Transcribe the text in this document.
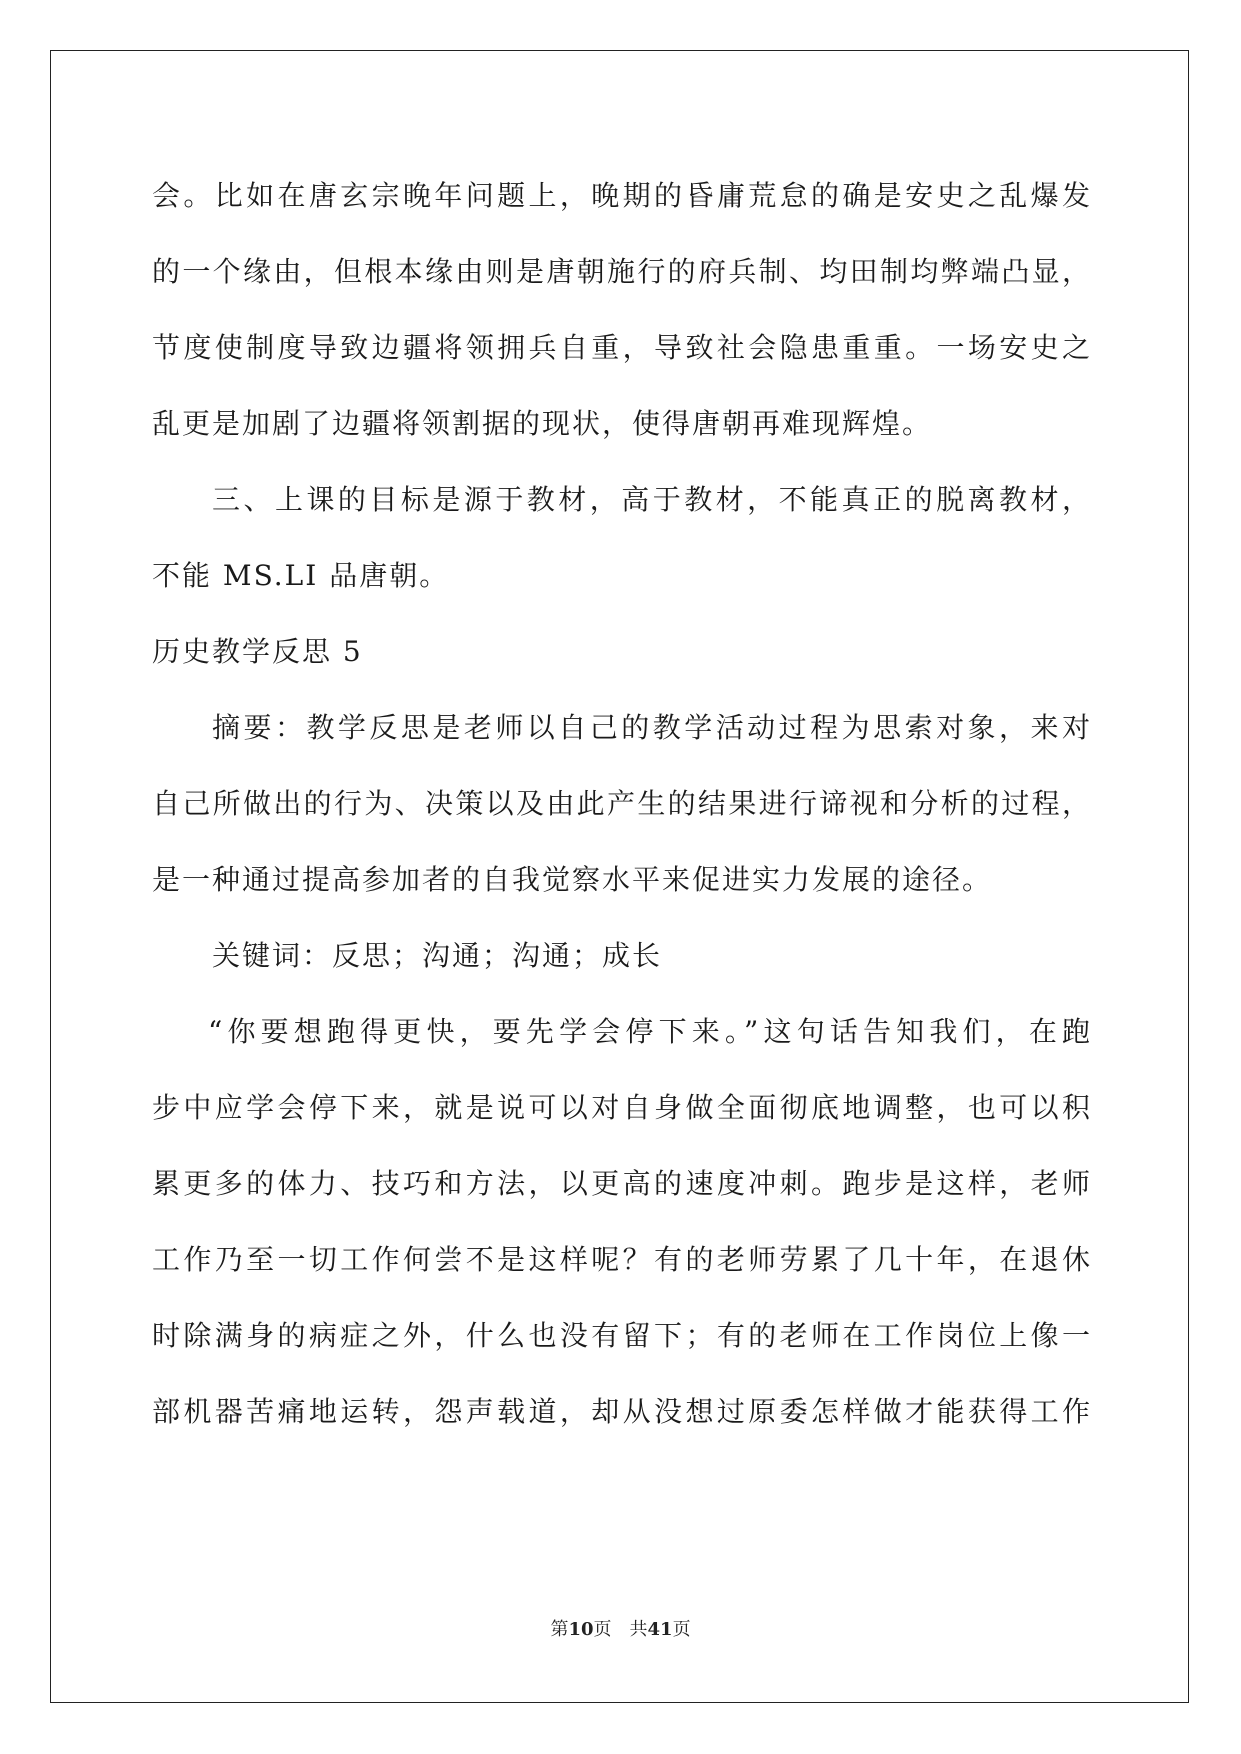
会。比如在唐玄宗晚年问题上，晚期的昏庸荒怠的确是安史之乱爆发
的一个缘由，但根本缘由则是唐朝施行的府兵制、均田制均弊端凸显，
节度使制度导致边疆将领拥兵自重，导致社会隐患重重。一场安史之
乱更是加剧了边疆将领割据的现状，使得唐朝再难现辉煌。
三、上课的目标是源于教材，高于教材，不能真正的脱离教材，
不能 MS.LI 品唐朝。
历史教学反思 5
摘要：教学反思是老师以自己的教学活动过程为思索对象，来对
自己所做出的行为、决策以及由此产生的结果进行谛视和分析的过程，
是一种通过提高参加者的自我觉察水平来促进实力发展的途径。
关键词：反思；沟通；沟通；成长
“你要想跑得更快，要先学会停下来。”这句话告知我们，在跑
步中应学会停下来，就是说可以对自身做全面彻底地调整，也可以积
累更多的体力、技巧和方法，以更高的速度冲刺。跑步是这样，老师
工作乃至一切工作何尝不是这样呢？有的老师劳累了几十年，在退休
时除满身的病症之外，什么也没有留下；有的老师在工作岗位上像一
部机器苦痛地运转，怨声载道，却从没想过原委怎样做才能获得工作
第10页 共41页
